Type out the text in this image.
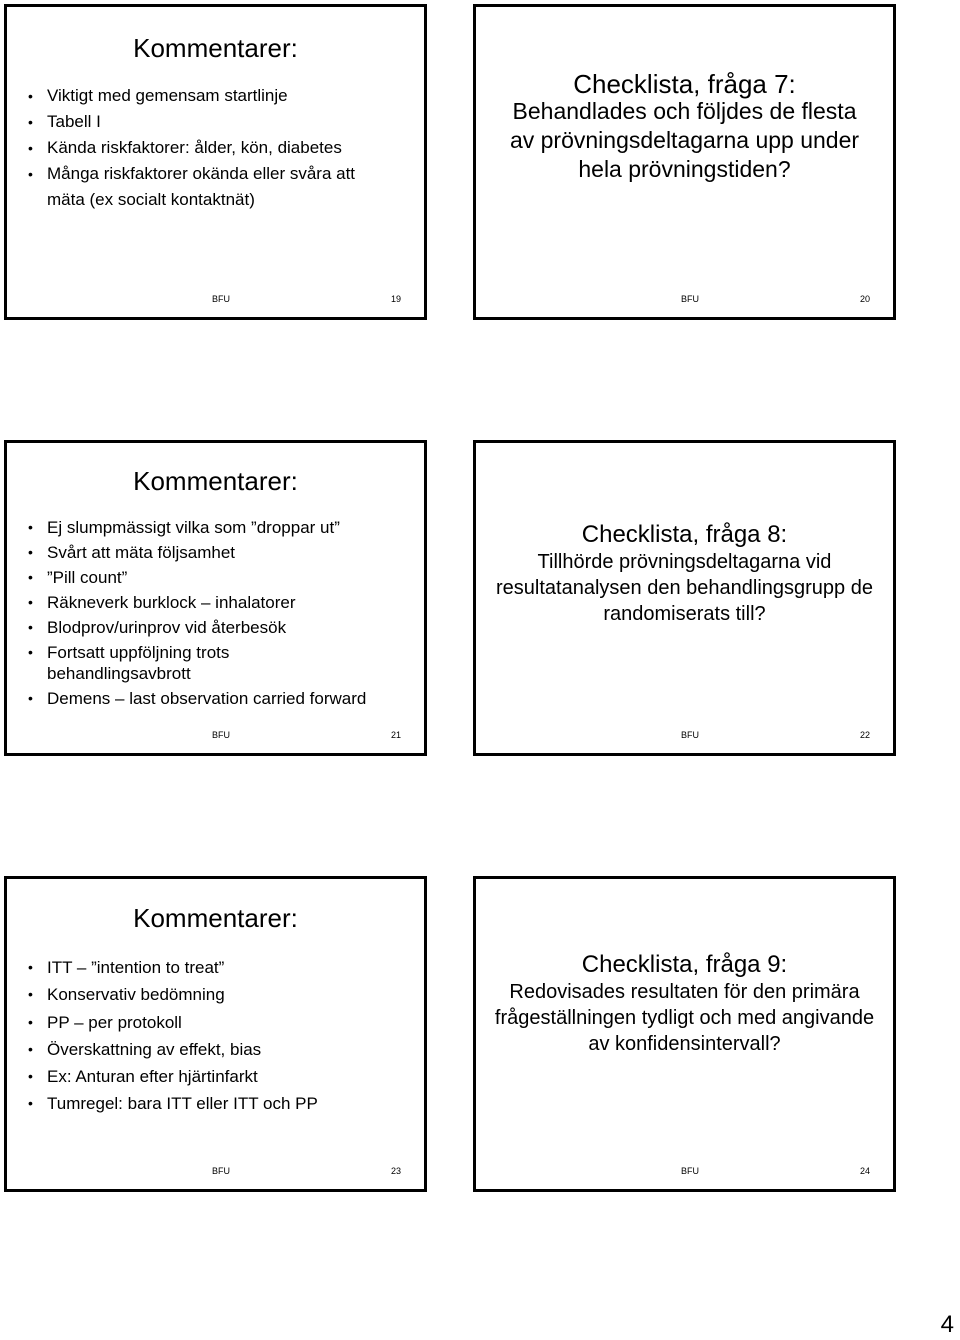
Kommentarer:
• Viktigt med gemensam startlinje
• Tabell I
• Kända riskfaktorer: ålder, kön, diabetes
• Många riskfaktorer okända eller svåra att mäta (ex socialt kontaktnät)
BFU	19
Checklista, fråga 7:
Behandlades och följdes de flesta av prövningsdeltagarna upp under hela prövningstiden?
BFU	20
Kommentarer:
• Ej slumpmässigt vilka som ”droppar ut”
• Svårt att mäta följsamhet
• ”Pill count”
• Räkneverk burklock – inhalatorer
• Blodprov/urinprov vid återbesök
• Fortsatt uppföljning trots behandlingsavbrott
• Demens – last observation carried forward
BFU	21
Checklista, fråga 8:
Tillhörde prövningsdeltagarna vid resultatanalysen den behandlingsgrupp de randomiserats till?
BFU	22
Kommentarer:
• ITT – ”intention to treat”
• Konservativ bedömning
• PP – per protokoll
• Överskattning av effekt, bias
• Ex: Anturan efter hjärtinfarkt
• Tumregel: bara ITT eller ITT och PP
BFU	23
Checklista, fråga 9:
Redovisades resultaten för den primära frågeställningen tydligt och med angivande av konfidensintervall?
BFU	24
4
